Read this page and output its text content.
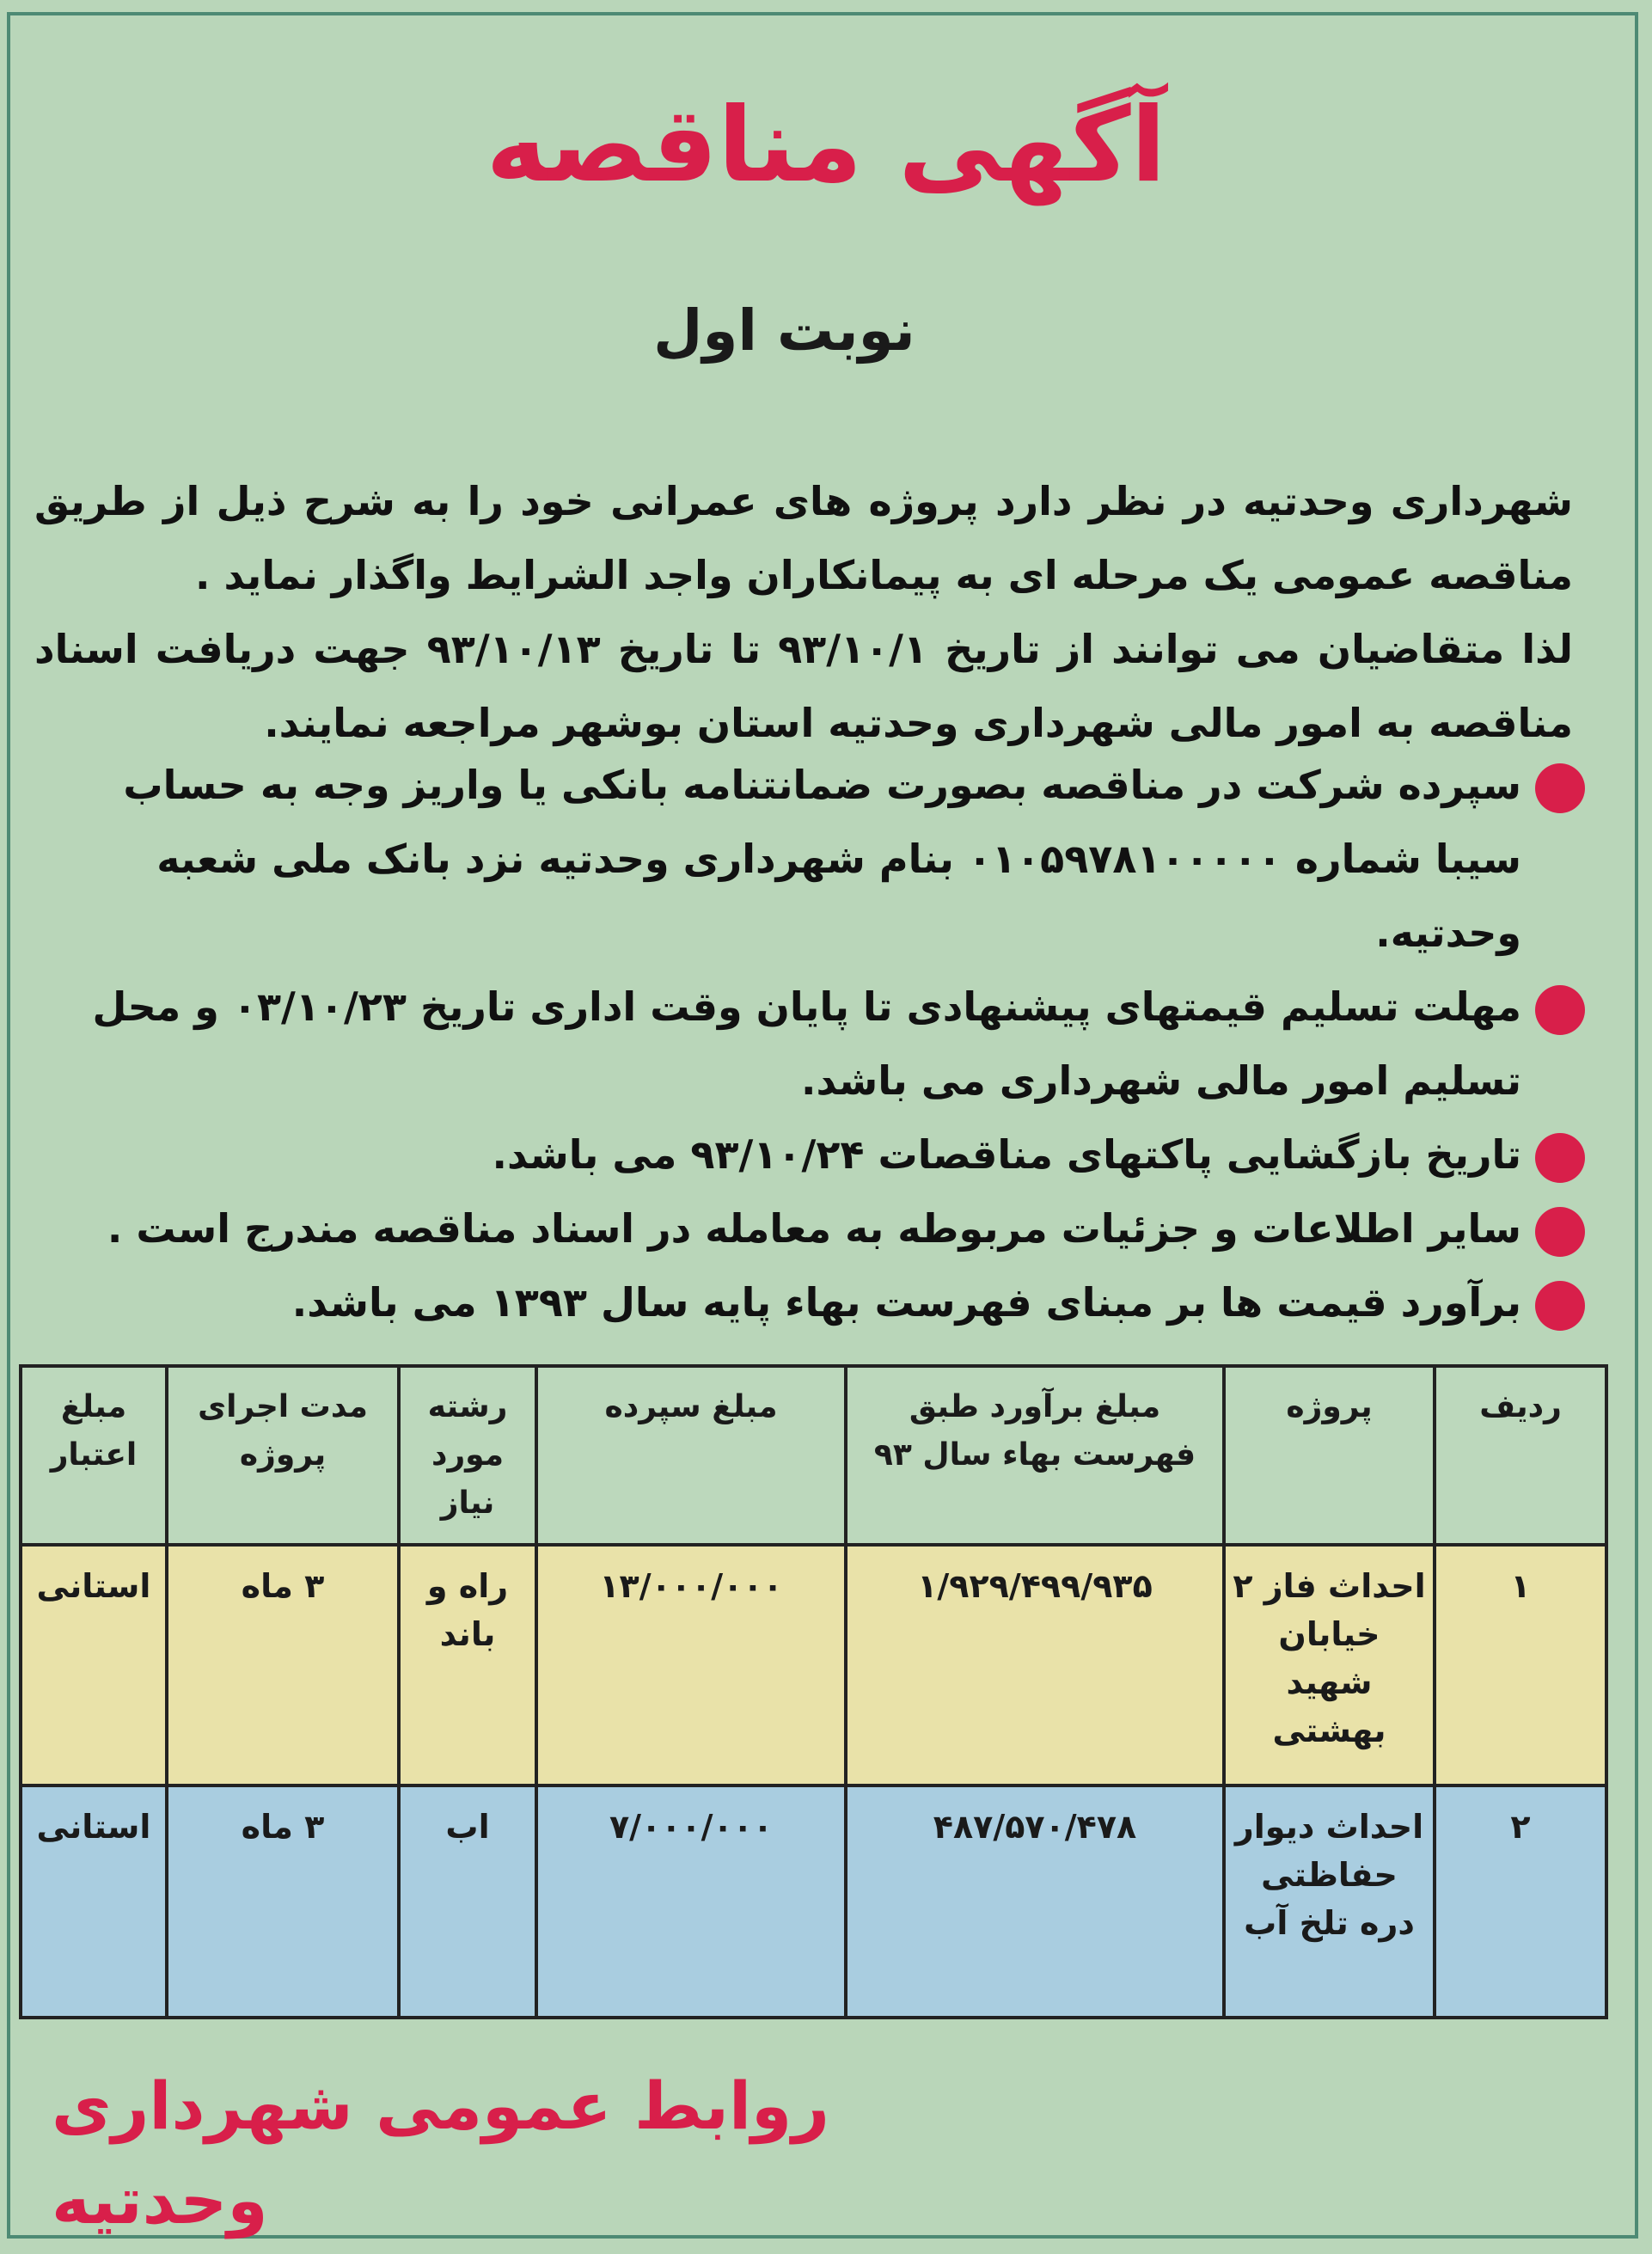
آگهی مناقصه
نوبت اول

شهرداری وحدتیه در نظر دارد پروژه های عمرانی خود را به شرح ذیل از طریق مناقصه عمومی یک مرحله ای به پیمانکاران واجد الشرایط واگذار نماید .

لذا متقاضیان می توانند از تاریخ ۹۳/۱۰/۱ تا تاریخ ۹۳/۱۰/۱۳ جهت دریافت اسناد مناقصه به امور مالی شهرداری وحدتیه استان بوشهر مراجعه نمایند.

سپرده شرکت در مناقصه بصورت ضمانتنامه بانکی یا واریز وجه به حساب سیبا شماره ۰۱۰۵۹۷۸۱۰۰۰۰۰ بنام شهرداری وحدتیه نزد بانک ملی شعبه وحدتیه.
مهلت تسلیم قیمتهای پیشنهادی تا پایان وقت اداری تاریخ ۰۳/۱۰/۲۳ و محل تسلیم امور مالی شهرداری می باشد.
تاریخ بازگشایی پاکتهای مناقصات ۹۳/۱۰/۲۴ می باشد.
سایر اطلاعات و جزئیات مربوطه به معامله در اسناد مناقصه مندرج است .
برآورد قیمت ها بر مبنای فهرست بهاء پایه سال ۱۳۹۳ می باشد.
ردیف	پروژه	مبلغ برآورد طبق فهرست بهاء سال ۹۳	مبلغ سپرده	رشته مورد نیاز	مدت اجرای پروژه	مبلغ اعتبار
۱	احداث فاز ۲ خیابان شهید بهشتی	۱/۹۲۹/۴۹۹/۹۳۵	۱۳/۰۰۰/۰۰۰	راه و باند	۳ ماه	استانی
۲	احداث دیوار حفاظتی دره تلخ آب	۴۸۷/۵۷۰/۴۷۸	۷/۰۰۰/۰۰۰	اب	۳ ماه	استانی
روابط عمومی شهرداری وحدتیه
